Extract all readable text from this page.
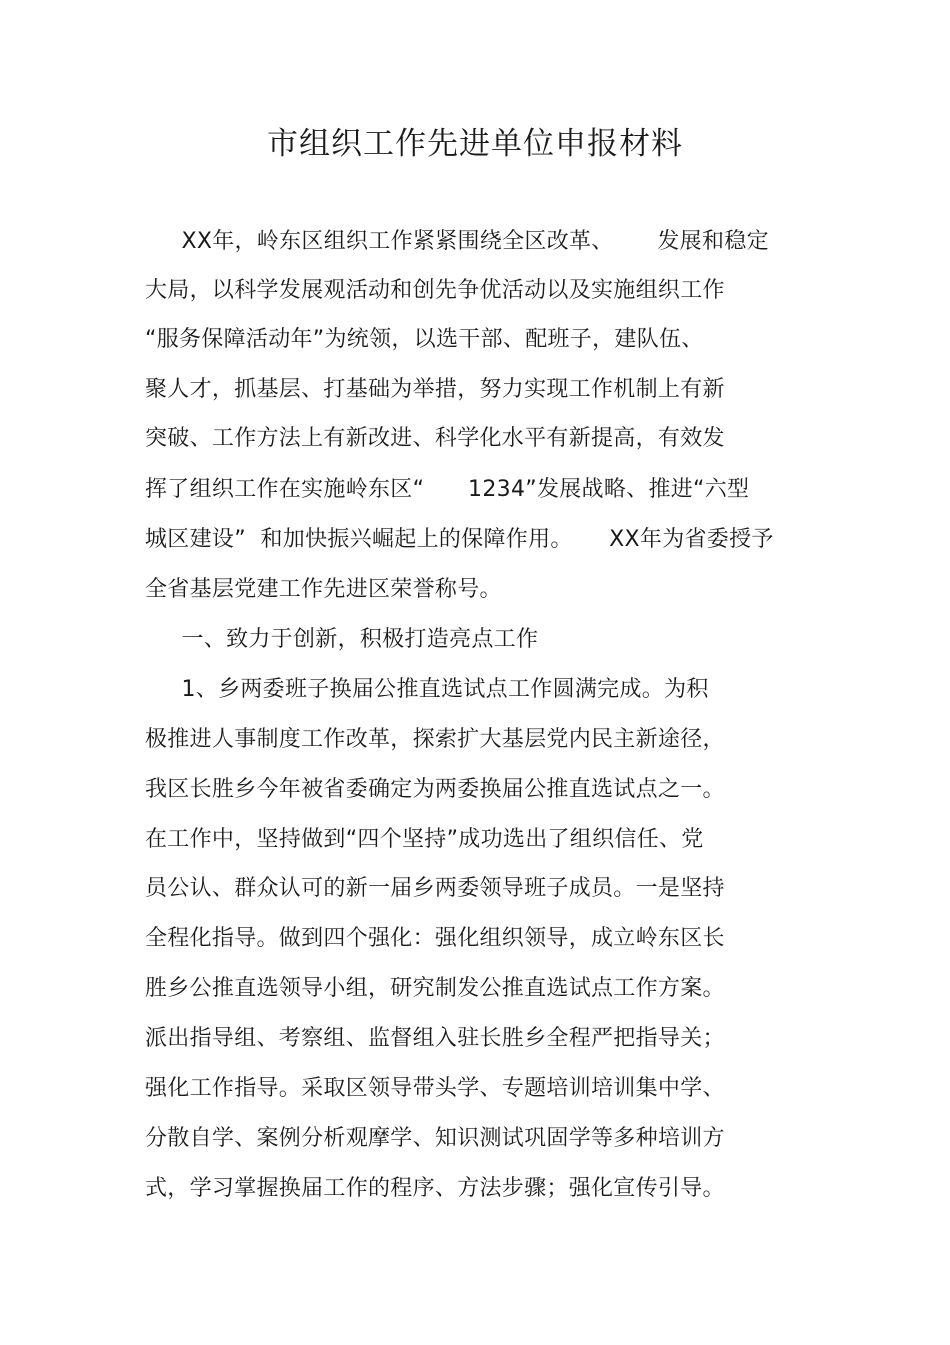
市组织工作先进单位申报材料
XX年，岭东区组织工作紧紧围绕全区改革、      发展和稳定
大局，以科学发展观活动和创先争优活动以及实施组织工作
“服务保障活动年”为统领，以选干部、配班子，建队伍、
聚人才，抓基层、打基础为举措，努力实现工作机制上有新
突破、工作方法上有新改进、科学化水平有新提高，有效发
挥了组织工作在实施岭东区“      1234”发展战略、推进“六型
城区建设”  和加快振兴崛起上的保障作用。     XX年为省委授予
全省基层党建工作先进区荣誉称号。
一、致力于创新，积极打造亮点工作
1、乡两委班子换届公推直选试点工作圆满完成。为积
极推进人事制度工作改革，探索扩大基层党内民主新途径，
我区长胜乡今年被省委确定为两委换届公推直选试点之一。
在工作中，坚持做到“四个坚持”成功选出了组织信任、党
员公认、群众认可的新一届乡两委领导班子成员。一是坚持
全程化指导。做到四个强化：强化组织领导，成立岭东区长
胜乡公推直选领导小组，研究制发公推直选试点工作方案。
派出指导组、考察组、监督组入驻长胜乡全程严把指导关；
强化工作指导。采取区领导带头学、专题培训培训集中学、
分散自学、案例分析观摩学、知识测试巩固学等多种培训方
式，学习掌握换届工作的程序、方法步骤；强化宣传引导。
